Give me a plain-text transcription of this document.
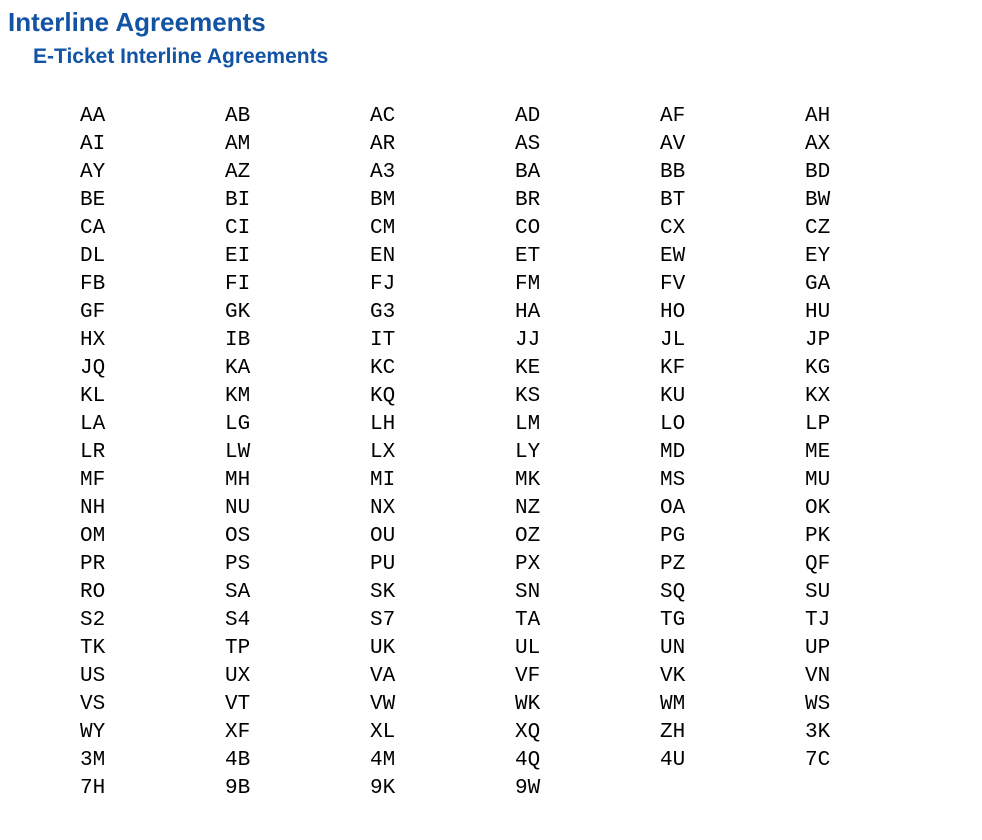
Interline Agreements
E-Ticket Interline Agreements
AA	AB	AC	AD	AF	AH
AI	AM	AR	AS	AV	AX
AY	AZ	A3	BA	BB	BD
BE	BI	BM	BR	BT	BW
CA	CI	CM	CO	CX	CZ
DL	EI	EN	ET	EW	EY
FB	FI	FJ	FM	FV	GA
GF	GK	G3	HA	HO	HU
HX	IB	IT	JJ	JL	JP
JQ	KA	KC	KE	KF	KG
KL	KM	KQ	KS	KU	KX
LA	LG	LH	LM	LO	LP
LR	LW	LX	LY	MD	ME
MF	MH	MI	MK	MS	MU
NH	NU	NX	NZ	OA	OK
OM	OS	OU	OZ	PG	PK
PR	PS	PU	PX	PZ	QF
RO	SA	SK	SN	SQ	SU
S2	S4	S7	TA	TG	TJ
TK	TP	UK	UL	UN	UP
US	UX	VA	VF	VK	VN
VS	VT	VW	WK	WM	WS
WY	XF	XL	XQ	ZH	3K
3M	4B	4M	4Q	4U	7C
7H	9B	9K	9W
